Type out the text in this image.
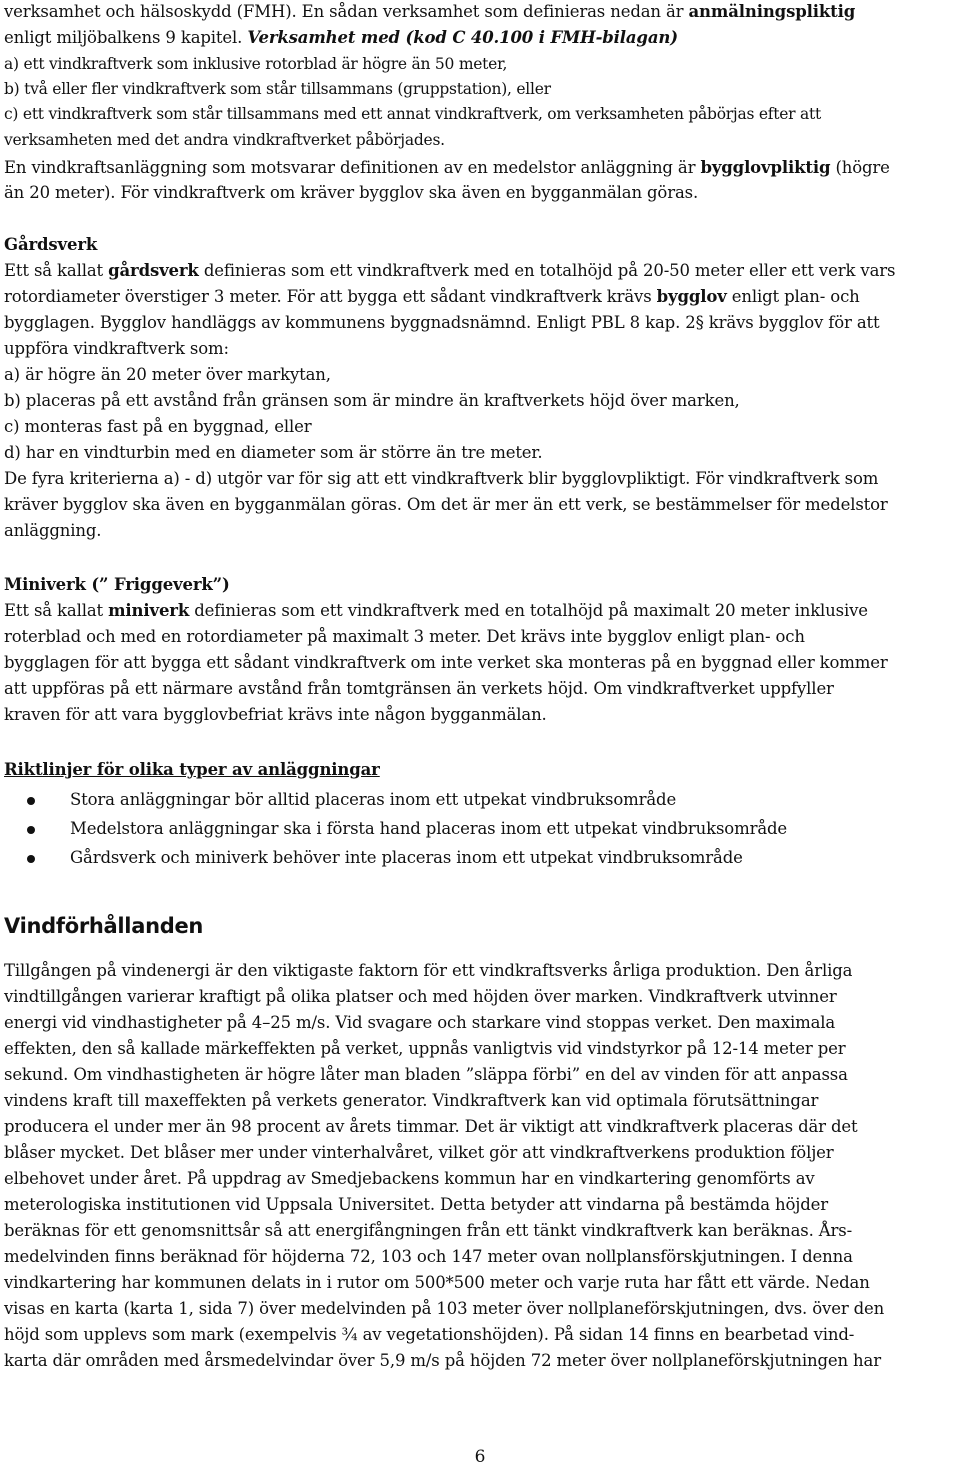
verksamhet och hälsoskydd (FMH). En sådan verksamhet som definieras nedan är anmälningspliktig
enligt miljöbalkens 9 kapitel. Verksamhet med (kod C 40.100 i FMH-bilagan)
a) ett vindkraftverk som inklusive rotorblad är högre än 50 meter,
b) två eller fler vindkraftverk som står tillsammans (gruppstation), eller
c) ett vindkraftverk som står tillsammans med ett annat vindkraftverk, om verksamheten påbörjas efter att
verksamheten med det andra vindkraftverket påbörjades.
En vindkraftsanläggning som motsvarar definitionen av en medelstor anläggning är bygglovpliktig (högre
än 20 meter). För vindkraftverk om kräver bygglov ska även en bygganmälan göras.
Gårdsverk
Ett så kallat gårdsverk definieras som ett vindkraftverk med en totalhöjd på 20-50 meter eller ett verk vars
rotordiameter överstiger 3 meter. För att bygga ett sådant vindkraftverk krävs bygglov enligt plan- och
bygglagen. Bygglov handläggs av kommunens byggnadsnämnd. Enligt PBL 8 kap. 2§ krävs bygglov för att
uppföra vindkraftverk som:
a) är högre än 20 meter över markytan,
b) placeras på ett avstånd från gränsen som är mindre än kraftverkets höjd över marken,
c) monteras fast på en byggnad, eller
d) har en vindturbin med en diameter som är större än tre meter.
De fyra kriterierna a) - d) utgör var för sig att ett vindkraftverk blir bygglovpliktigt. För vindkraftverk som
kräver bygglov ska även en bygganmälan göras. Om det är mer än ett verk, se bestämmelser för medelstor
anläggning.
Miniverk (” Friggeverk”)
Ett så kallat miniverk definieras som ett vindkraftverk med en totalhöjd på maximalt 20 meter inklusive
roterblad och med en rotordiameter på maximalt 3 meter. Det krävs inte bygglov enligt plan- och
bygglagen för att bygga ett sådant vindkraftverk om inte verket ska monteras på en byggnad eller kommer
att uppföras på ett närmare avstånd från tomtgränsen än verkets höjd. Om vindkraftverket uppfyller
kraven för att vara bygglovbefriat krävs inte någon bygganmälan.
Riktlinjer för olika typer av anläggningar
Stora anläggningar bör alltid placeras inom ett utpekat vindbruksområde
Medelstora anläggningar ska i första hand placeras inom ett utpekat vindbruksområde
Gårdsverk och miniverk behöver inte placeras inom ett utpekat vindbruksområde
Vindförhållanden
Tillgången på vindenergi är den viktigaste faktorn för ett vindkraftsverks årliga produktion. Den årliga
vindtillgången varierar kraftigt på olika platser och med höjden över marken. Vindkraftverk utvinner
energi vid vindhastigheter på 4–25 m/s. Vid svagare och starkare vind stoppas verket. Den maximala
effekten, den så kallade märkeffekten på verket, uppnås vanligtvis vid vindstyrkor på 12-14 meter per
sekund. Om vindhastigheten är högre låter man bladen ”släppa förbi” en del av vinden för att anpassa
vindens kraft till maxeffekten på verkets generator. Vindkraftverk kan vid optimala förutsättningar
producera el under mer än 98 procent av årets timmar. Det är viktigt att vindkraftverk placeras där det
blåser mycket. Det blåser mer under vinterhalvåret, vilket gör att vindkraftverkens produktion följer
elbehovet under året. På uppdrag av Smedjebackens kommun har en vindkartering genomförts av
meterologiska institutionen vid Uppsala Universitet. Detta betyder att vindarna på bestämda höjder
beräknas för ett genomsnittsår så att energifångningen från ett tänkt vindkraftverk kan beräknas. Års-
medelvinden finns beräknad för höjderna 72, 103 och 147 meter ovan nollplansförskjutningen. I denna
vindkartering har kommunen delats in i rutor om 500*500 meter och varje ruta har fått ett värde. Nedan
visas en karta (karta 1, sida 7) över medelvinden på 103 meter över nollplaneförskjutningen, dvs. över den
höjd som upplevs som mark (exempelvis ¾ av vegetationshöjden). På sidan 14 finns en bearbetad vind-
karta där områden med årsmedelvindar över 5,9 m/s på höjden 72 meter över nollplaneförskjutningen har
6
